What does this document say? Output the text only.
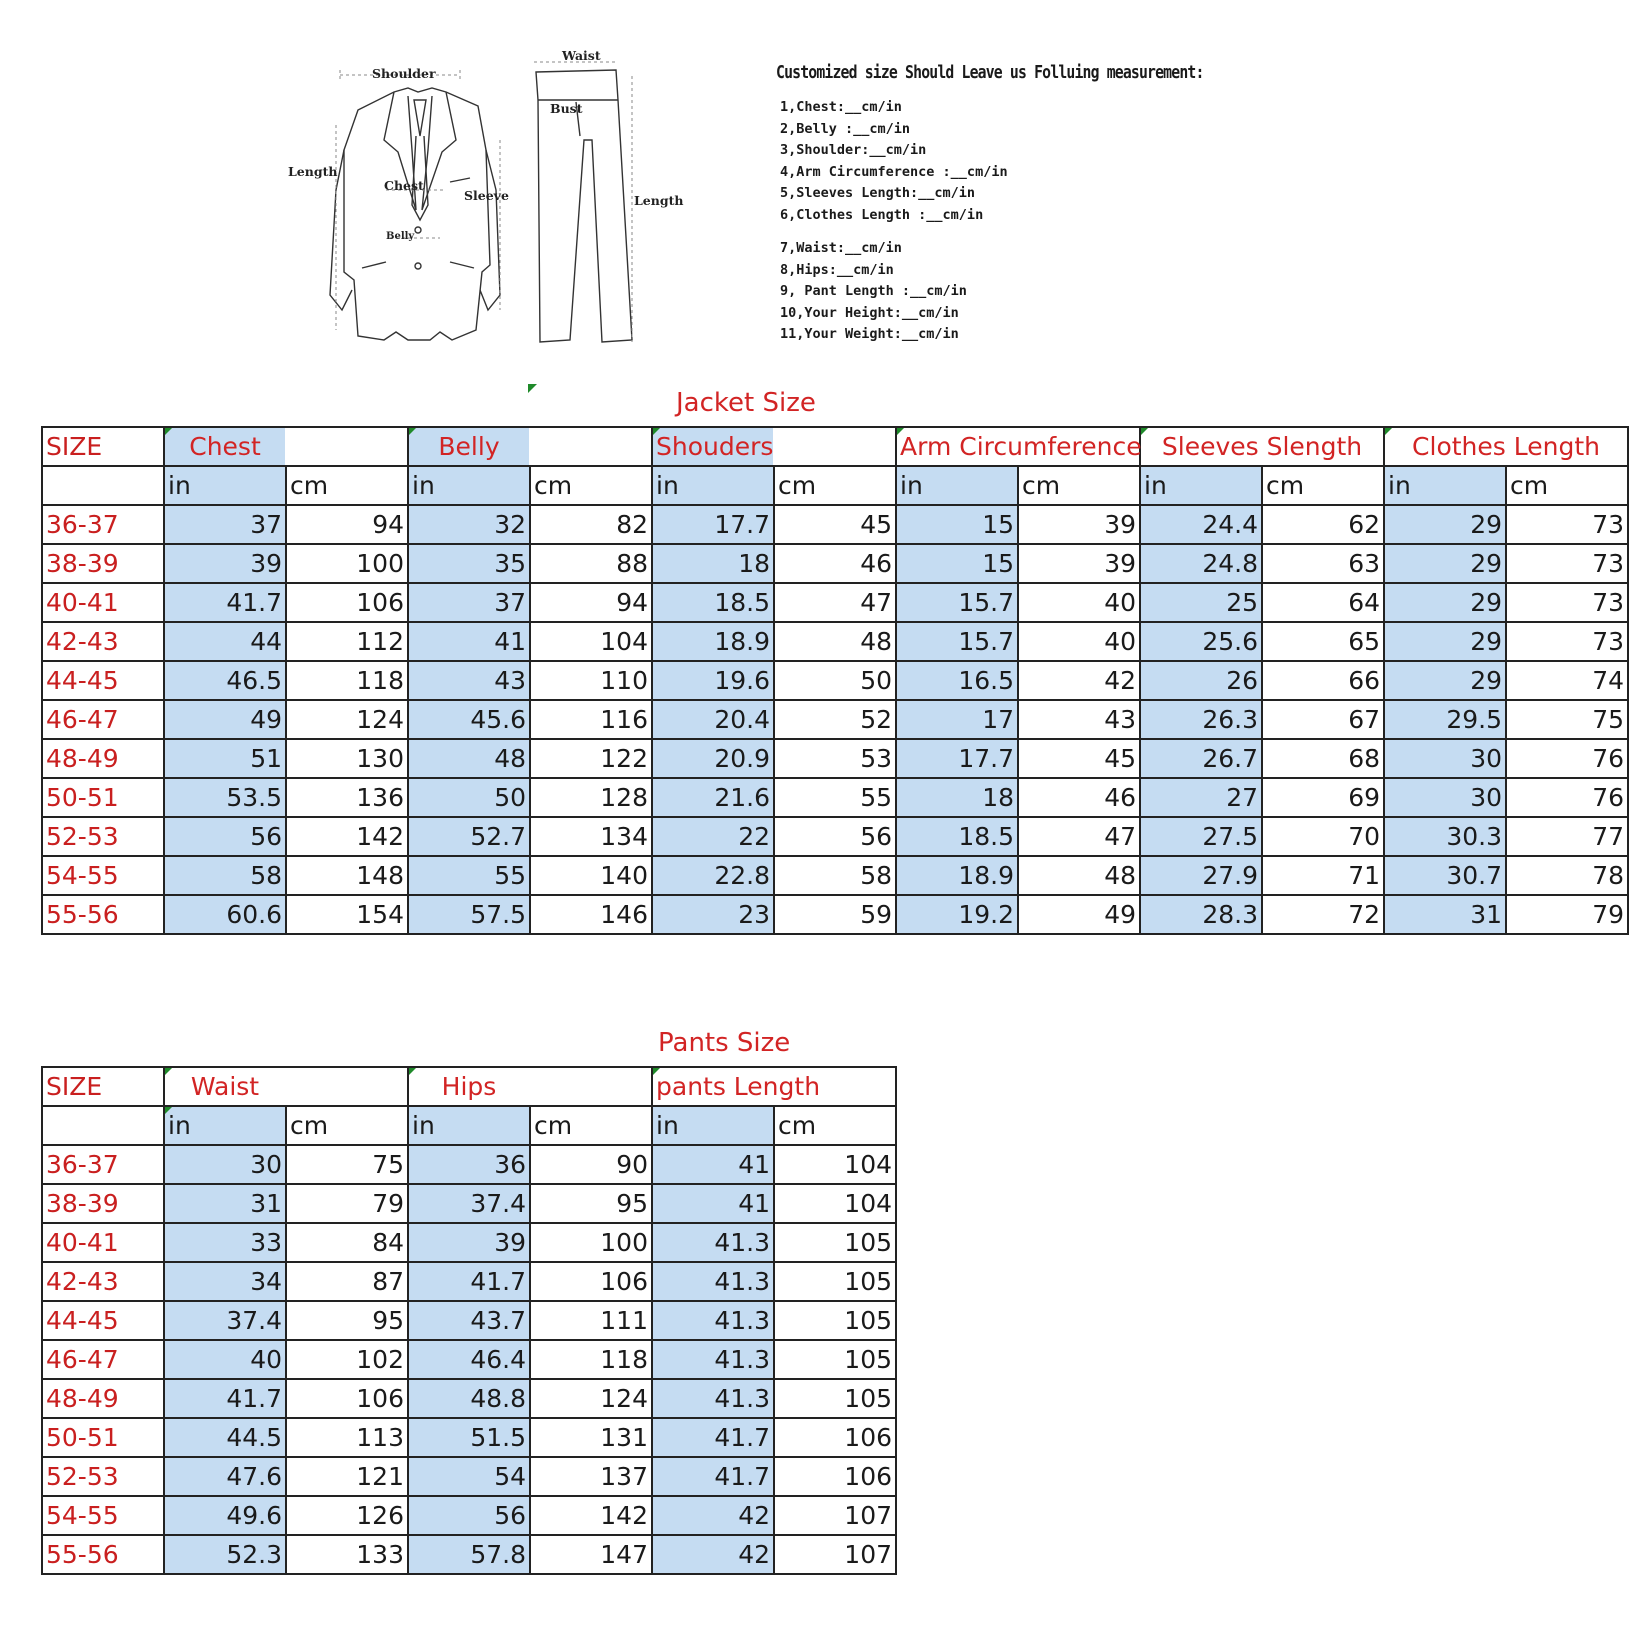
Shoulder
Length
Chest
Belly
Sleeve
Waist
Bust
Length
Customized size Should Leave us Folluing measurement:
1,Chest:__cm/in
2,Belly :__cm/in
3,Shoulder:__cm/in
4,Arm Circumference :__cm/in
5,Sleeves Length:__cm/in
6,Clothes Length :__cm/in
7,Waist:__cm/in
8,Hips:__cm/in
9, Pant Length :__cm/in
10,Your Height:__cm/in
11,Your Weight:__cm/in
Jacket Size
SIZE	Chest		Belly		Shouders		Arm Circumference		Sleeves Slength		Clothes Length	
	in	cm	in	cm	in	cm	in	cm	in	cm	in	cm
36-37	37	94	32	82	17.7	45	15	39	24.4	62	29	73
38-39	39	100	35	88	18	46	15	39	24.8	63	29	73
40-41	41.7	106	37	94	18.5	47	15.7	40	25	64	29	73
42-43	44	112	41	104	18.9	48	15.7	40	25.6	65	29	73
44-45	46.5	118	43	110	19.6	50	16.5	42	26	66	29	74
46-47	49	124	45.6	116	20.4	52	17	43	26.3	67	29.5	75
48-49	51	130	48	122	20.9	53	17.7	45	26.7	68	30	76
50-51	53.5	136	50	128	21.6	55	18	46	27	69	30	76
52-53	56	142	52.7	134	22	56	18.5	47	27.5	70	30.3	77
54-55	58	148	55	140	22.8	58	18.9	48	27.9	71	30.7	78
55-56	60.6	154	57.5	146	23	59	19.2	49	28.3	72	31	79
Pants Size
SIZE	Waist		Hips		pants Length	
	in	cm	in	cm	in	cm
36-37	30	75	36	90	41	104
38-39	31	79	37.4	95	41	104
40-41	33	84	39	100	41.3	105
42-43	34	87	41.7	106	41.3	105
44-45	37.4	95	43.7	111	41.3	105
46-47	40	102	46.4	118	41.3	105
48-49	41.7	106	48.8	124	41.3	105
50-51	44.5	113	51.5	131	41.7	106
52-53	47.6	121	54	137	41.7	106
54-55	49.6	126	56	142	42	107
55-56	52.3	133	57.8	147	42	107
